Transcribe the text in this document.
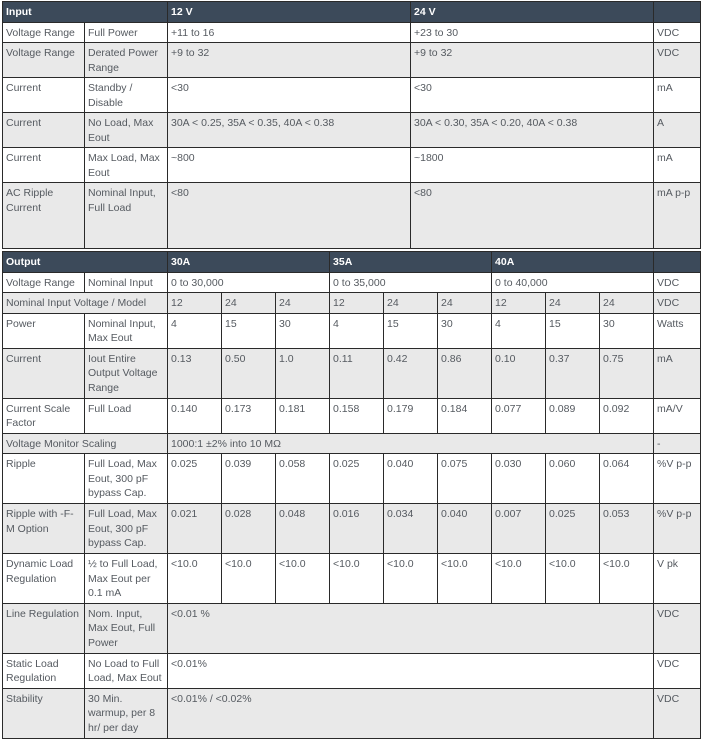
Input		12 V	24 V	
Voltage Range	Full Power	+11 to 16	+23 to 30	VDC
Voltage Range	Derated Power Range	+9 to 32	+9 to 32	VDC
Current	Standby / Disable	<30	<30	mA
Current	No Load, Max Eout	30A < 0.25, 35A < 0.35, 40A < 0.38	30A < 0.30, 35A < 0.20, 40A < 0.38	A
Current	Max Load, Max Eout	~800	~1800	mA
AC Ripple Current	Nominal Input, Full Load	<80	<80	mA p-p
Output		30A			35A			40A			
Voltage Range	Nominal Input	0 to 30,000			0 to 35,000			0 to 40,000			VDC
Nominal Input Voltage / Model		12	24	24	12	24	24	12	24	24	VDC
Power	Nominal Input, Max Eout	4	15	30	4	15	30	4	15	30	Watts
Current	Iout Entire Output Voltage Range	0.13	0.50	1.0	0.11	0.42	0.86	0.10	0.37	0.75	mA
Current Scale Factor	Full Load	0.140	0.173	0.181	0.158	0.179	0.184	0.077	0.089	0.092	mA/V
Voltage Monitor Scaling		1000:1 ±2% into 10 MΩ									-
Ripple	Full Load, Max Eout, 300 pF bypass Cap.	0.025	0.039	0.058	0.025	0.040	0.075	0.030	0.060	0.064	%V p-p
Ripple with -F-M Option	Full Load, Max Eout, 300 pF bypass Cap.	0.021	0.028	0.048	0.016	0.034	0.040	0.007	0.025	0.053	%V p-p
Dynamic Load Regulation	½ to Full Load, Max Eout per 0.1 mA	<10.0	<10.0	<10.0	<10.0	<10.0	<10.0	<10.0	<10.0	<10.0	V pk
Line Regulation	Nom. Input, Max Eout, Full Power	<0.01 %									VDC
Static Load Regulation	No Load to Full Load, Max Eout	<0.01%									VDC
Stability	30 Min. warmup, per 8 hr/ per day	<0.01% / <0.02%									VDC
